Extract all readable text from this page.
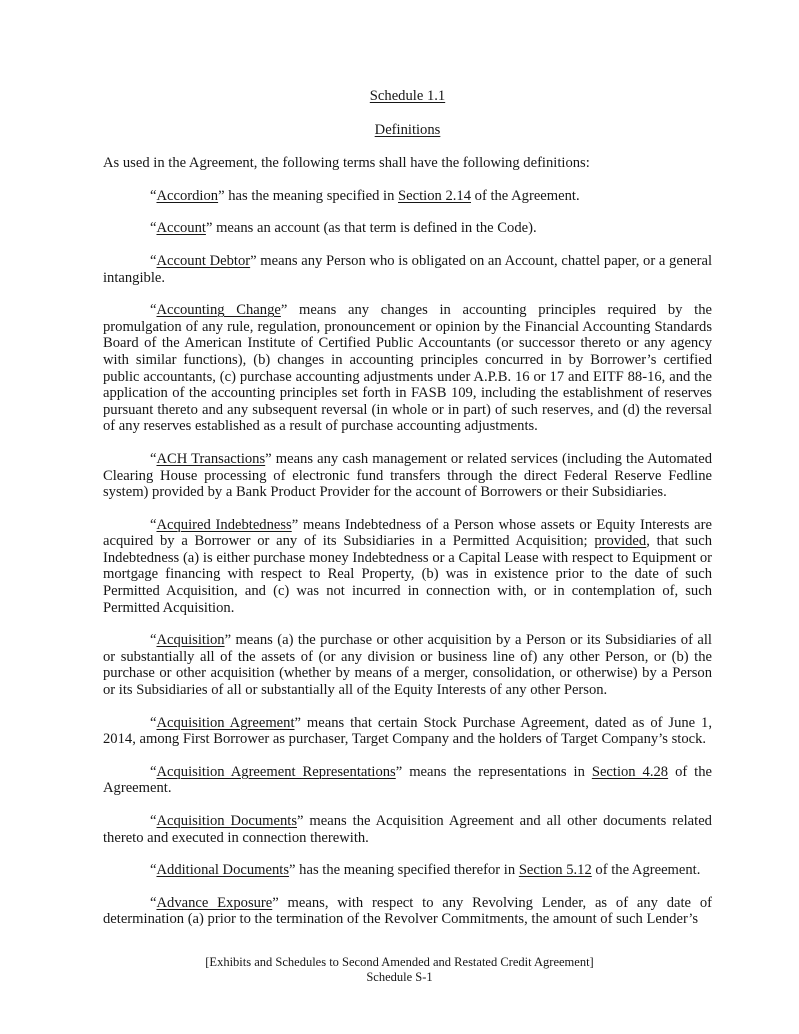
Schedule 1.1
Definitions

As used in the Agreement, the following terms shall have the following definitions:

“Accordion” has the meaning specified in Section 2.14 of the Agreement.

“Account” means an account (as that term is defined in the Code).

“Account Debtor” means any Person who is obligated on an Account, chattel paper, or a general intangible.

“Accounting Change” means any changes in accounting principles required by the promulgation of any rule, regulation, pronouncement or opinion by the Financial Accounting Standards Board of the American Institute of Certified Public Accountants (or successor thereto or any agency with similar functions), (b) changes in accounting principles concurred in by Borrower’s certified public accountants, (c) purchase accounting adjustments under A.P.B. 16 or 17 and EITF 88-16, and the application of the accounting principles set forth in FASB 109, including the establishment of reserves pursuant thereto and any subsequent reversal (in whole or in part) of such reserves, and (d) the reversal of any reserves established as a result of purchase accounting adjustments.

“ACH Transactions” means any cash management or related services (including the Automated Clearing House processing of electronic fund transfers through the direct Federal Reserve Fedline system) provided by a Bank Product Provider for the account of Borrowers or their Subsidiaries.

“Acquired Indebtedness” means Indebtedness of a Person whose assets or Equity Interests are acquired by a Borrower or any of its Subsidiaries in a Permitted Acquisition; provided, that such Indebtedness (a) is either purchase money Indebtedness or a Capital Lease with respect to Equipment or mortgage financing with respect to Real Property, (b) was in existence prior to the date of such Permitted Acquisition, and (c) was not incurred in connection with, or in contemplation of, such Permitted Acquisition.

“Acquisition” means (a) the purchase or other acquisition by a Person or its Subsidiaries of all or substantially all of the assets of (or any division or business line of) any other Person, or (b) the purchase or other acquisition (whether by means of a merger, consolidation, or otherwise) by a Person or its Subsidiaries of all or substantially all of the Equity Interests of any other Person.

“Acquisition Agreement” means that certain Stock Purchase Agreement, dated as of June 1, 2014, among First Borrower as purchaser, Target Company and the holders of Target Company’s stock.

“Acquisition Agreement Representations” means the representations in Section 4.28 of the Agreement.

“Acquisition Documents” means the Acquisition Agreement and all other documents related thereto and executed in connection therewith.

“Additional Documents” has the meaning specified therefor in Section 5.12 of the Agreement.

“Advance Exposure” means, with respect to any Revolving Lender, as of any date of determination (a) prior to the termination of the Revolver Commitments, the amount of such Lender’s

[Exhibits and Schedules to Second Amended and Restated Credit Agreement]
Schedule S-1
